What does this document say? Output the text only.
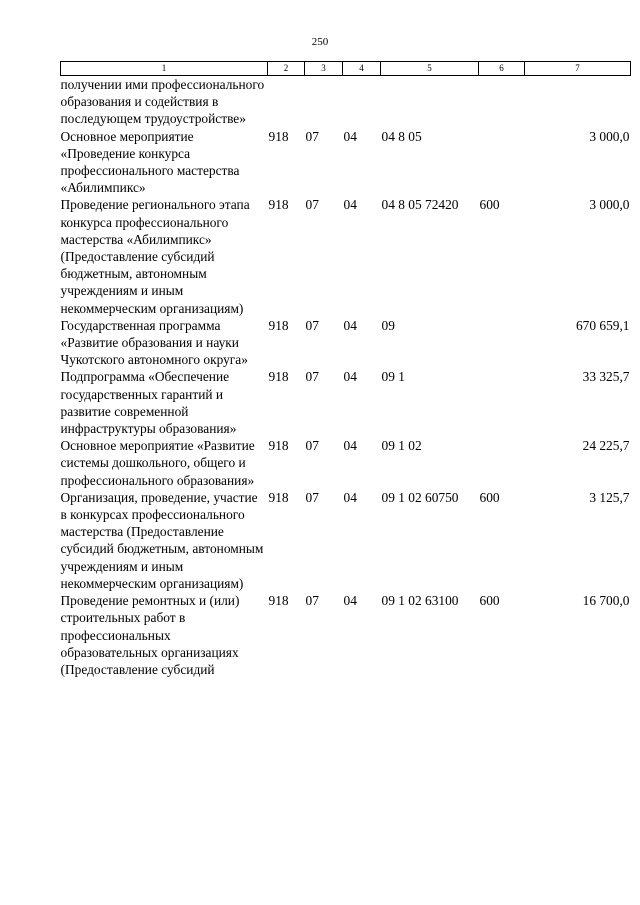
250
1	2	3	4	5	6	7
получении ими профессионального образования и содействия в последующем трудоустройстве»						
Основное мероприятие «Проведение конкурса профессионального мастерства «Абилимпикс»	918	07	04	04 8 05		3 000,0
Проведение регионального этапа конкурса профессионального мастерства «Абилимпикс» (Предоставление субсидий бюджетным, автономным учреждениям и иным некоммерческим организациям)	918	07	04	04 8 05 72420	600	3 000,0
Государственная программа «Развитие образования и науки Чукотского автономного округа»	918	07	04	09		670 659,1
Подпрограмма «Обеспечение государственных гарантий и развитие современной инфраструктуры образования»	918	07	04	09 1		33 325,7
Основное мероприятие «Развитие системы дошкольного, общего и профессионального образования»	918	07	04	09 1 02		24 225,7
Организация, проведение, участие в конкурсах профессионального мастерства (Предоставление субсидий бюджетным, автономным учреждениям и иным некоммерческим организациям)	918	07	04	09 1 02 60750	600	3 125,7
Проведение ремонтных и (или) строительных работ в профессиональных образовательных организациях (Предоставление субсидий	918	07	04	09 1 02 63100	600	16 700,0
